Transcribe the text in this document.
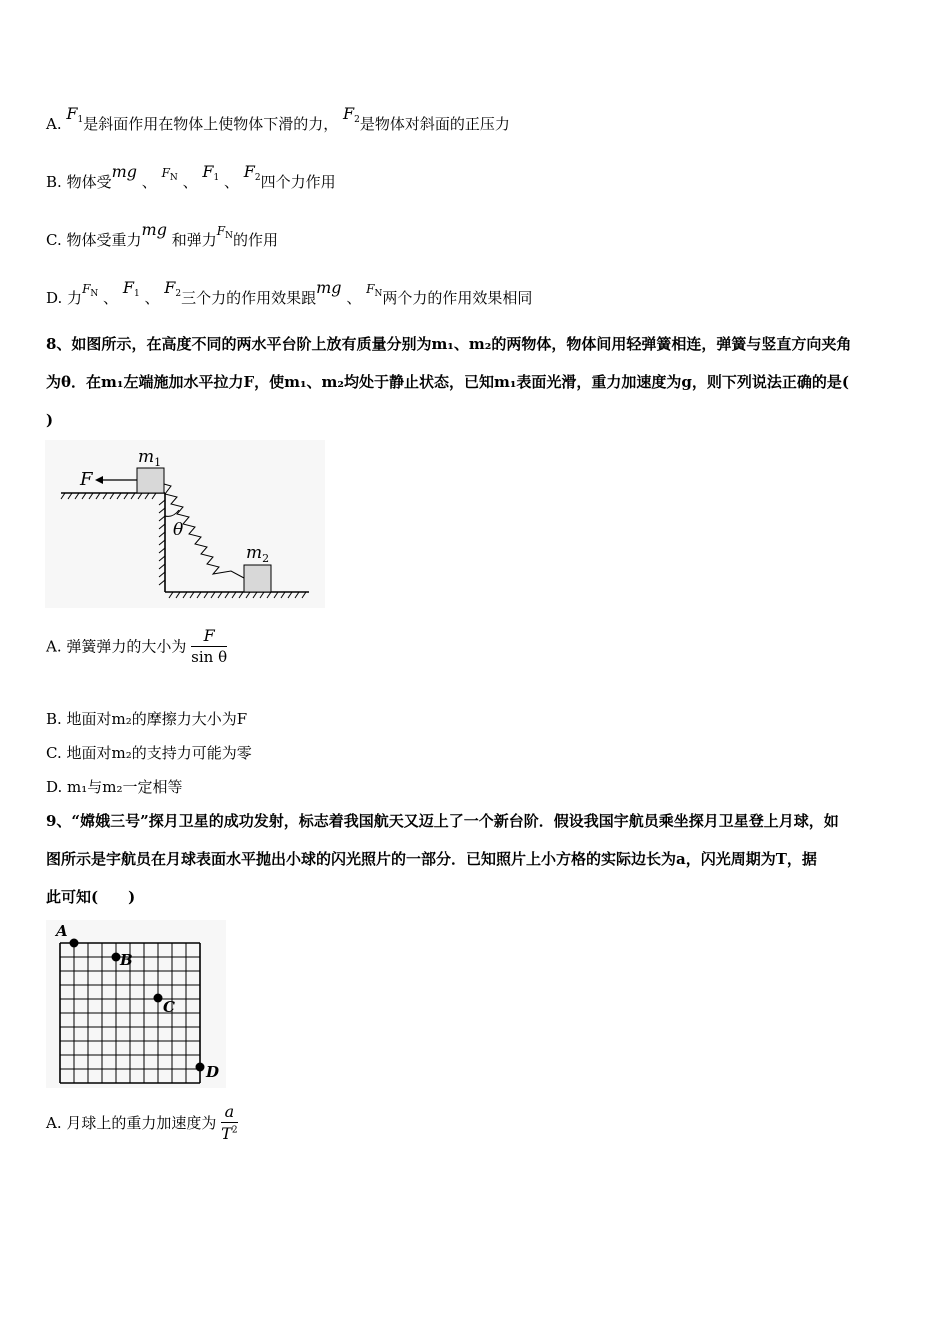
A. $F_1$是斜面作用在物体上使物体下滑的力， $F_2$是物体对斜面的正压力
B. 物体受mg 、 $^{F_N}$ 、 $F_1$ 、 $F_2$四个力作用
C. 物体受重力mg 和弹力$^{F_N}$的作用
D. 力$^{F_N}$ 、 $F_1$ 、 $F_2$三个力的作用效果跟mg 、 $^{F_N}$两个力的作用效果相同
8、如图所示，在高度不同的两水平台阶上放有质量分别为m₁、m₂的两物体，物体间用轻弹簧相连，弹簧与竖直方向夹角
为θ．在m₁左端施加水平拉力F，使m₁、m₂均处于静止状态，已知m₁表面光滑，重力加速度为g，则下列说法正确的是(
)
F
$m_1$
$m_2$
θ
A. 弹簧弹力的大小为 $\frac{F}{\text{sin θ}}$
B. 地面对m₂的摩擦力大小为F
C. 地面对m₂的支持力可能为零
D. m₁与m₂一定相等
9、“嫦娥三号”探月卫星的成功发射，标志着我国航天又迈上了一个新台阶．假设我国宇航员乘坐探月卫星登上月球，如
图所示是宇航员在月球表面水平抛出小球的闪光照片的一部分．已知照片上小方格的实际边长为a，闪光周期为T，据
此可知(　　)
A
B
C
D
A. 月球上的重力加速度为 $\frac{a}{T^2}$
